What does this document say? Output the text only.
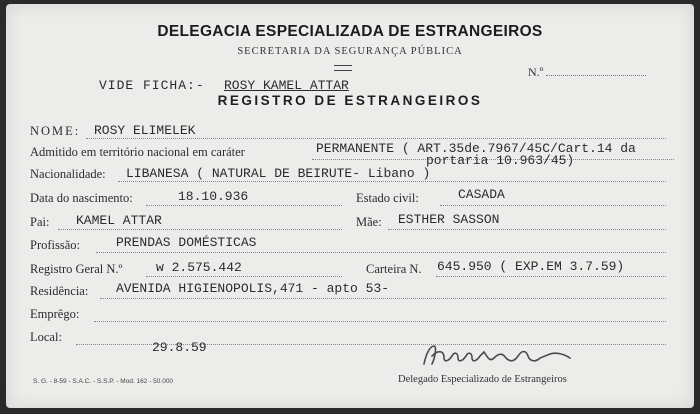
DELEGACIA ESPECIALIZADA DE ESTRANGEIROS
SECRETARIA DA SEGURANÇA PÚBLICA
N.º
VIDE FICHA:- ROSY KAMEL ATTAR
REGISTRO DE ESTRANGEIROS
NOME: ROSY ELIMELEK
Admitido em território nacional em caráter	PERMANENTE ( ART.35de.7967/45C/Cart.14 da
portaria 10.963/45)
Nacionalidade: LIBANESA ( NATURAL DE BEIRUTE- Libano )
Data do nascimento:	18.10.936	Estado civil:	CASADA
Pai: KAMEL ATTAR	Mãe: ESTHER SASSON
Profissão:	PRENDAS DOMÉSTICAS
Registro Geral N.º	w 2.575.442	Carteira N. 645.950 ( EXP.EM 3.7.59)
Residência: AVENIDA HIGIENOPOLIS,471 - apto 53-
Emprêgo:
Local:
29.8.59
S. G. - 8-59 - S.A.C. - S.S.P. - Mod. 162 - 50.000	Delegado Especializado de Estrangeiros
